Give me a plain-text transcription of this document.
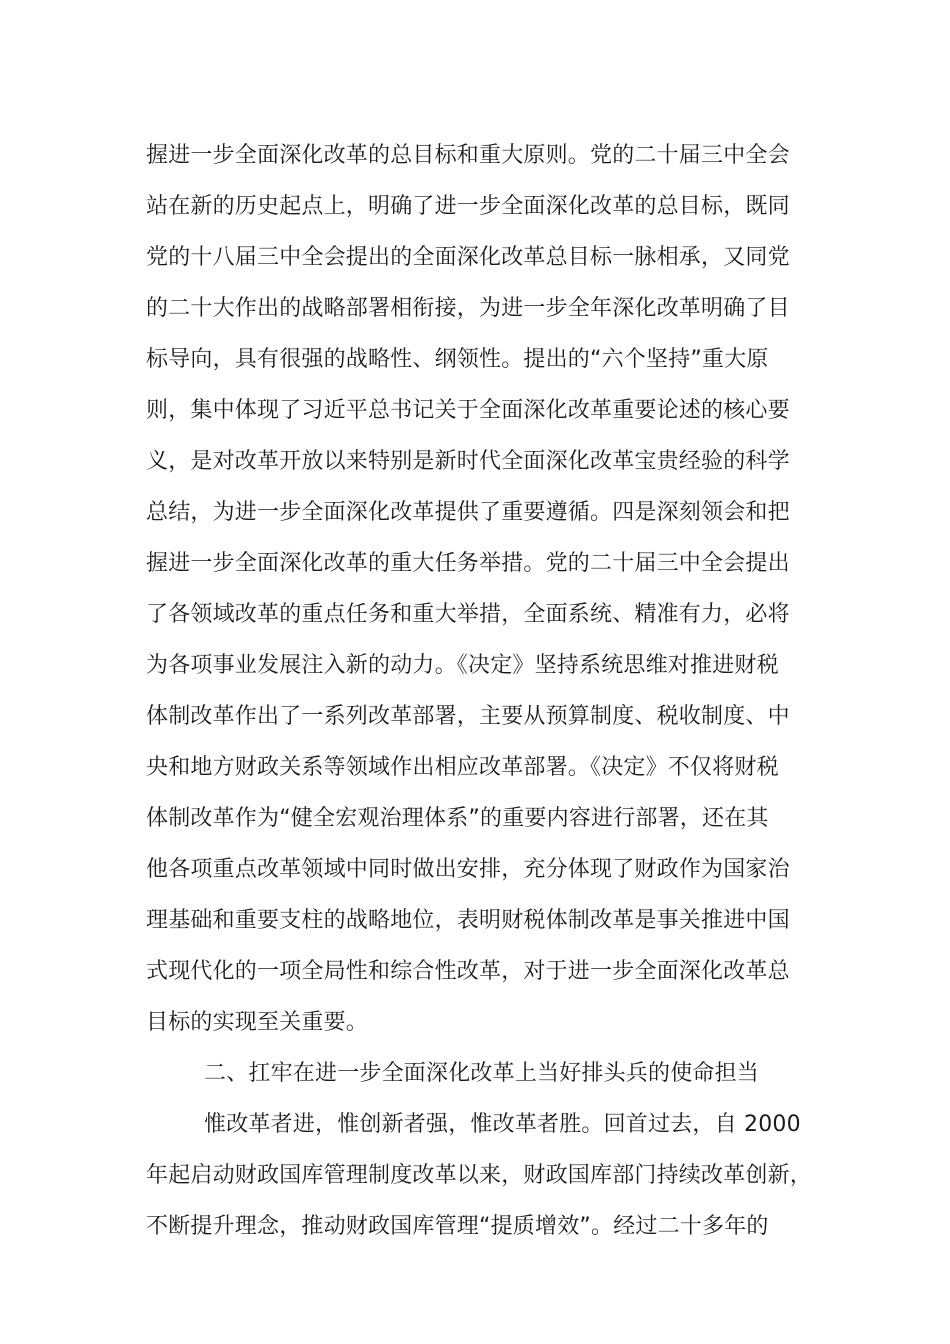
握进一步全面深化改革的总目标和重大原则。党的二十届三中全会
站在新的历史起点上，明确了进一步全面深化改革的总目标，既同
党的十八届三中全会提出的全面深化改革总目标一脉相承，又同党
的二十大作出的战略部署相衔接，为进一步全年深化改革明确了目
标导向，具有很强的战略性、纲领性。提出的“六个坚持”重大原
则，集中体现了习近平总书记关于全面深化改革重要论述的核心要
义，是对改革开放以来特别是新时代全面深化改革宝贵经验的科学
总结，为进一步全面深化改革提供了重要遵循。四是深刻领会和把
握进一步全面深化改革的重大任务举措。党的二十届三中全会提出
了各领域改革的重点任务和重大举措，全面系统、精准有力，必将
为各项事业发展注入新的动力。《决定》坚持系统思维对推进财税
体制改革作出了一系列改革部署，主要从预算制度、税收制度、中
央和地方财政关系等领域作出相应改革部署。《决定》不仅将财税
体制改革作为“健全宏观治理体系”的重要内容进行部署，还在其
他各项重点改革领域中同时做出安排，充分体现了财政作为国家治
理基础和重要支柱的战略地位，表明财税体制改革是事关推进中国
式现代化的一项全局性和综合性改革，对于进一步全面深化改革总
目标的实现至关重要。
二、扛牢在进一步全面深化改革上当好排头兵的使命担当
惟改革者进，惟创新者强，惟改革者胜。回首过去，自 2000
年起启动财政国库管理制度改革以来，财政国库部门持续改革创新，
不断提升理念，推动财政国库管理“提质增效”。经过二十多年的
